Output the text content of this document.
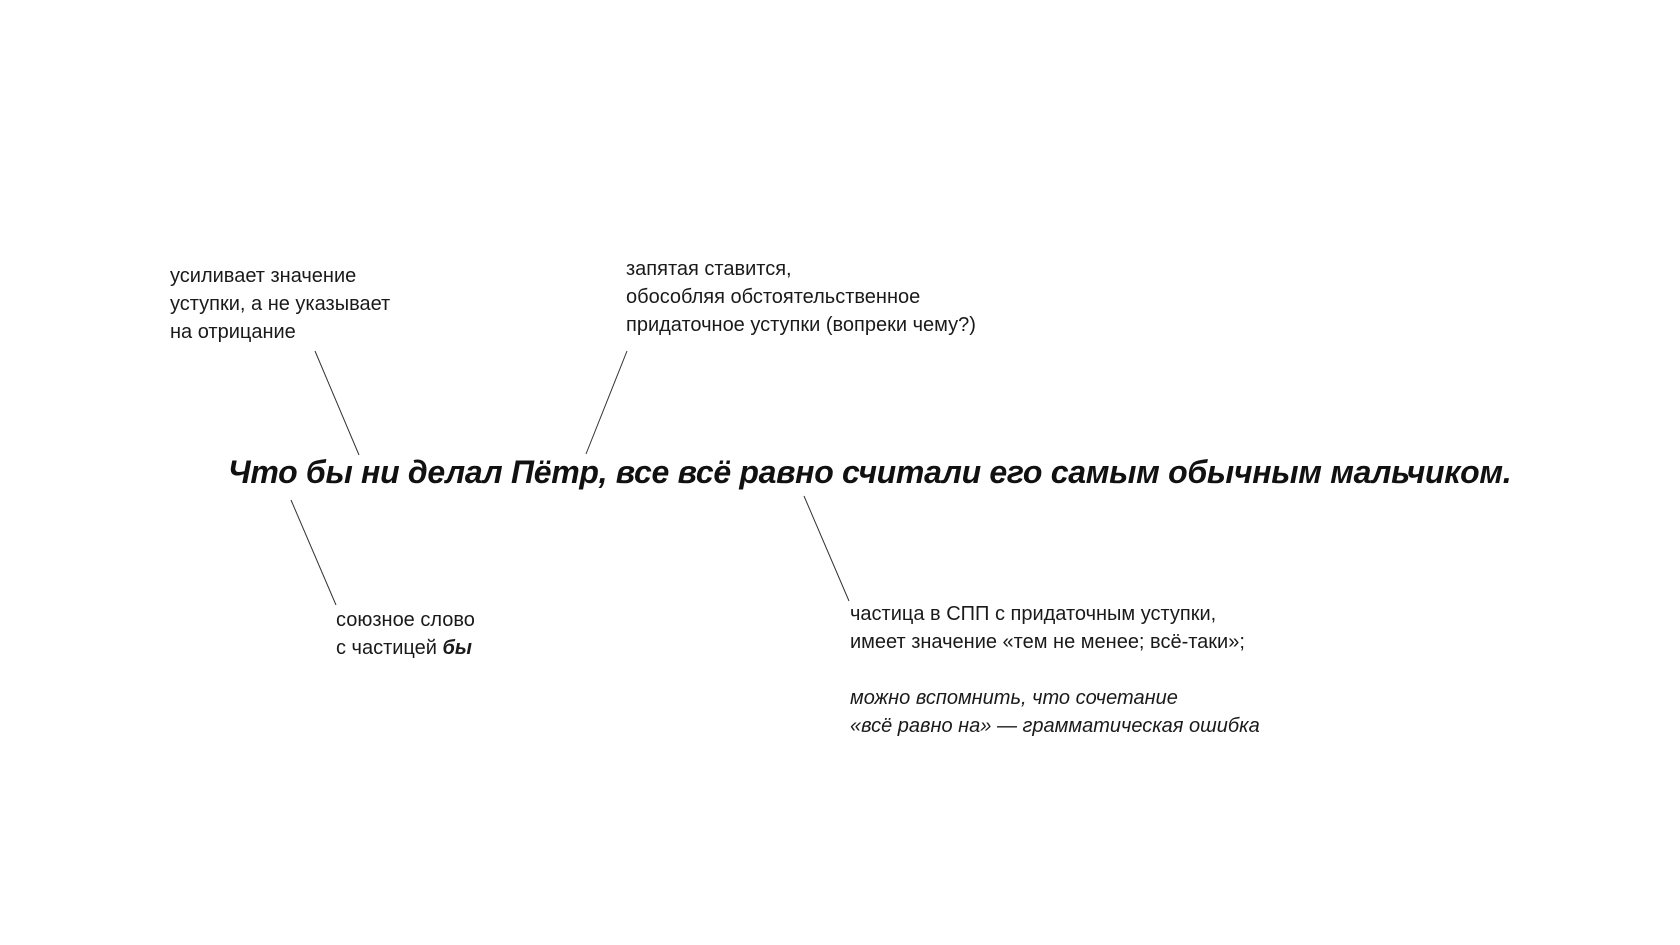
Что бы ни делал Пётр, все всё равно считали его самым обычным мальчиком.

усиливает значение
уступки, а не указывает
на отрицание
запятая ставится,
обособляя обстоятельственное
придаточное уступки (вопреки чему?)
союзное слово
с частицей бы
частица в СПП с придаточным уступки,
имеет значение «тем не менее; всё-таки»;
можно вспомнить, что сочетание
«всё равно на» — грамматическая ошибка
